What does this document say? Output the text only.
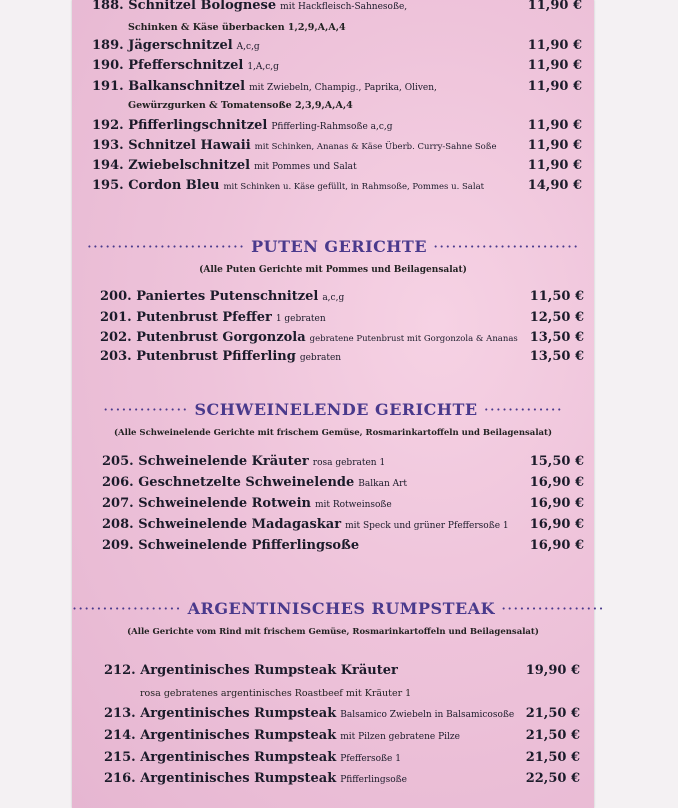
188. Schnitzel Bolognese mit Hackfleisch-Sahnesoße,	11,90 €
Schinken & Käse überbacken 1,2,9,A,A,4
189. Jägerschnitzel A,c,g	11,90 €
190. Pfefferschnitzel 1,A,c,g	11,90 €
191. Balkanschnitzel mit Zwiebeln, Champig., Paprika, Oliven,	11,90 €
Gewürzgurken & Tomatensoße 2,3,9,A,A,4
192. Pfifferlingschnitzel Pfifferling-Rahmsoße a,c,g	11,90 €
193. Schnitzel Hawaii mit Schinken, Ananas & Käse Überb. Curry-Sahne Soße 11,90 €
194. Zwiebelschnitzel mit Pommes und Salat	11,90 €
195. Cordon Bleu mit Schinken u. Käse gefüllt, in Rahmsoße, Pommes u. Salat	14,90 €
·························· PUTEN GERICHTE ························
(Alle Puten Gerichte mit Pommes und Beilagensalat)
200. Paniertes Putenschnitzel a,c,g	11,50 €
201. Putenbrust Pfeffer 1 gebraten	12,50 €
202. Putenbrust Gorgonzola gebratene Putenbrust mit Gorgonzola & Ananas 13,50 €
203. Putenbrust Pfifferling gebraten	13,50 €
·············· SCHWEINELENDE GERICHTE ·············
(Alle Schweinelende Gerichte mit frischem Gemüse, Rosmarinkartoffeln und Beilagensalat)
205. Schweinelende Kräuter rosa gebraten 1	15,50 €
206. Geschnetzelte Schweinelende Balkan Art	16,90 €
207. Schweinelende Rotwein mit Rotweinsoße	16,90 €
208. Schweinelende Madagaskar mit Speck und grüner Pfeffersoße 1 16,90 €
209. Schweinelende Pfifferlingsoße	16,90 €
·················· ARGENTINISCHES RUMPSTEAK ·················
(Alle Gerichte vom Rind mit frischem Gemüse, Rosmarinkartoffeln und Beilagensalat)
212. Argentinisches Rumpsteak Kräuter	19,90 €
rosa gebratenes argentinisches Roastbeef mit Kräuter 1
213. Argentinisches Rumpsteak Balsamico Zwiebeln in Balsamicosoße 21,50 €
214. Argentinisches Rumpsteak mit Pilzen gebratene Pilze	21,50 €
215. Argentinisches Rumpsteak Pfeffersoße 1	21,50 €
216. Argentinisches Rumpsteak Pfifferlingsoße	22,50 €
